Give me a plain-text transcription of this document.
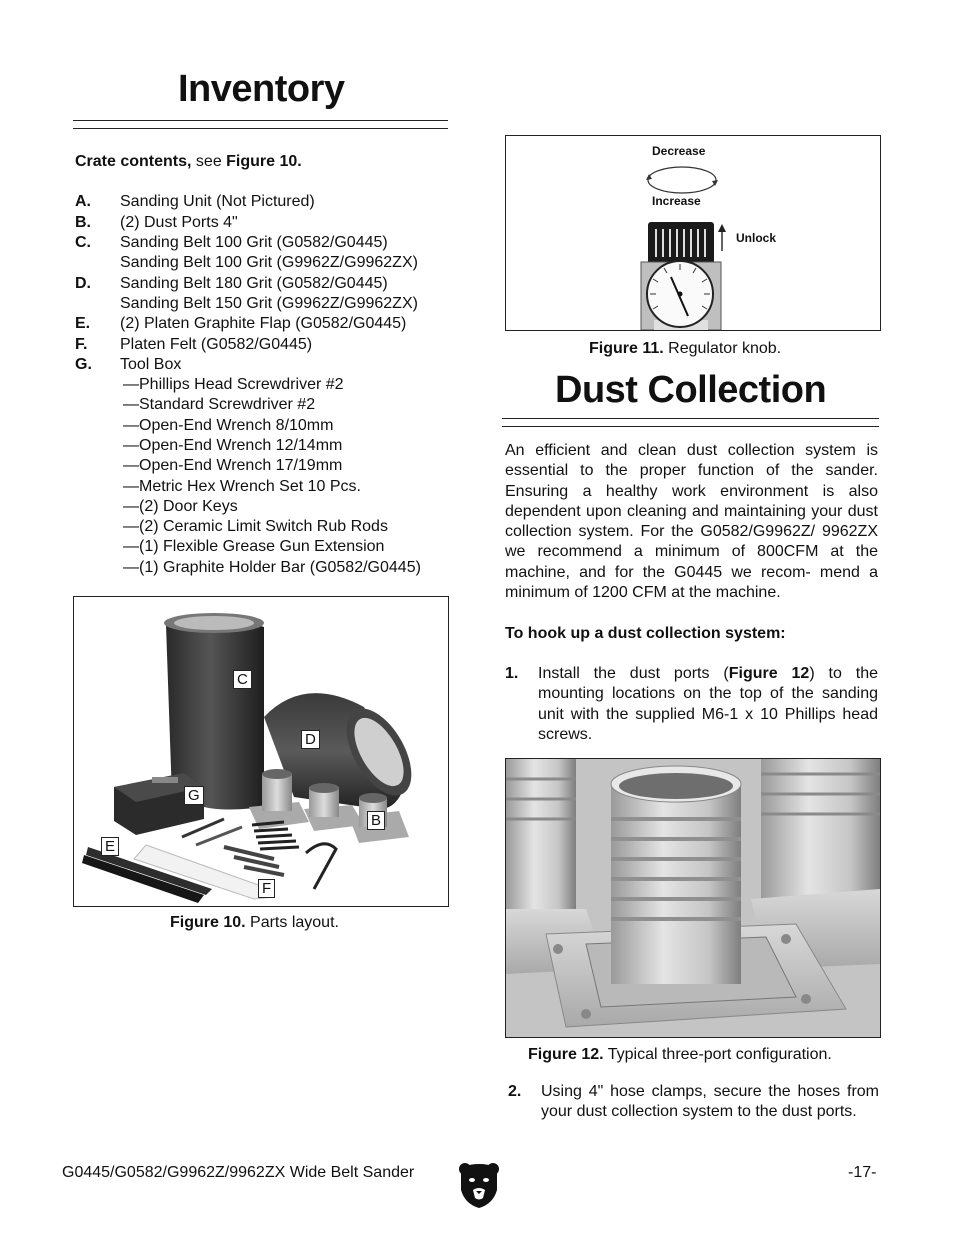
Inventory
Crate contents, see Figure 10.
A. Sanding Unit (Not Pictured)
B. (2) Dust Ports 4"
C. Sanding Belt 100 Grit (G0582/G0445)
Sanding Belt 100 Grit (G9962Z/G9962ZX)
D. Sanding Belt 180 Grit (G0582/G0445)
Sanding Belt 150 Grit (G9962Z/G9962ZX)
E. (2) Platen Graphite Flap (G0582/G0445)
F. Platen Felt (G0582/G0445)
G. Tool Box
—Phillips Head Screwdriver #2
—Standard Screwdriver #2
—Open-End Wrench 8/10mm
—Open-End Wrench 12/14mm
—Open-End Wrench 17/19mm
—Metric Hex Wrench Set 10 Pcs.
—(2) Door Keys
—(2) Ceramic Limit Switch Rub Rods
—(1) Flexible Grease Gun Extension
—(1) Graphite Holder Bar (G0582/G0445)
C
D
G
B
E
F
Figure 10. Parts layout.
Decrease
Increase
Unlock
Figure 11. Regulator knob.
Dust Collection

An efficient and clean dust collection system is essential to the proper function of the sander. Ensuring a healthy work environment is also dependent upon cleaning and maintaining your dust collection system. For the G0582/G9962Z/ 9962ZX we recommend a minimum of 800CFM at the machine, and for the G0445 we recom- mend a minimum of 1200 CFM at the machine.

To hook up a dust collection system:
1. Install the dust ports (Figure 12) to the mounting locations on the top of the sanding unit with the supplied M6-1 x 10 Phillips head screws.
Figure 12. Typical three-port configuration.
2. Using 4" hose clamps, secure the hoses from your dust collection system to the dust ports.
G0445/G0582/G9962Z/9962ZX Wide Belt Sander	-17-
